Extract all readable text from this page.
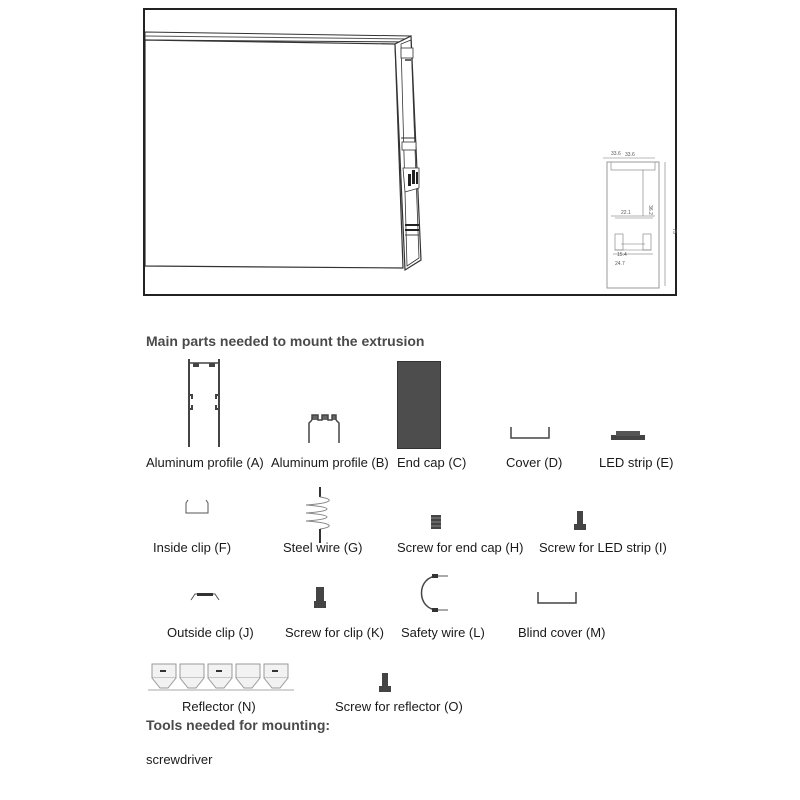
33.6
33.6
36.2
22.1
75
15.4
24.7
Main parts needed to mount the extrusion
Aluminum profile (A) Aluminum profile (B) End cap (C)	Cover (D)	LED strip (E)
Inside clip (F)	Steel wire (G)	Screw for end cap (H) Screw for LED strip (I)
Outside clip (J) Screw for clip (K) Safety wire (L)	Blind cover (M)
Reflector (N)	Screw for reflector (O)
Tools needed for mounting:
screwdriver
